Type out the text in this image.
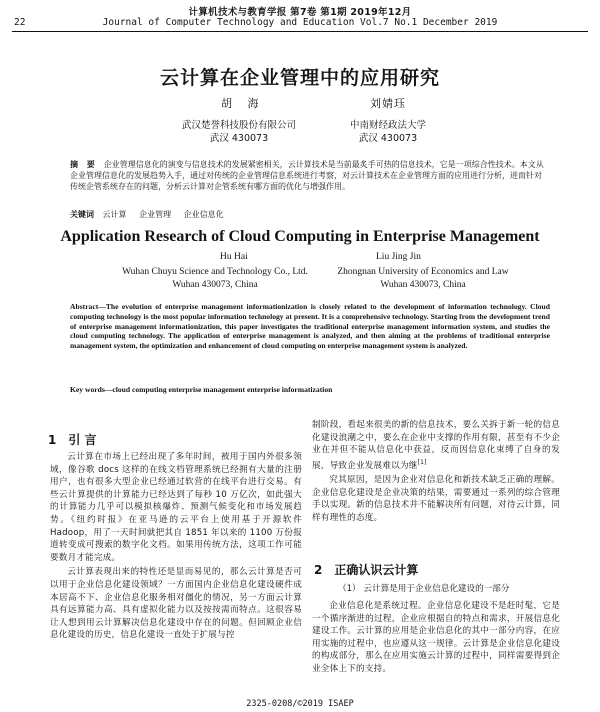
计算机技术与教育学报 第7卷 第1期 2019年12月
22	Journal of Computer Technology and Education Vol.7 No.1 December 2019
云计算在企业管理中的应用研究
胡 海	刘婧珏
武汉楚誉科技股份有限公司
武汉 430073
中南财经政法大学
武汉 430073
摘 要 企业管理信息化的演变与信息技术的发展紧密相关，云计算技术是当前最炙手可热的信息技术，它是一项综合性技术。本文从企业管理信息化的发展趋势入手，通过对传统的企业管理信息系统进行考察，对云计算技术在企业管理方面的应用进行分析，进而针对传统企管系统存在的问题，分析云计算对企管系统有哪方面的优化与增强作用。
关键词 云计算 企业管理 企业信息化
Application Research of Cloud Computing in Enterprise Management
Hu Hai	Liu Jing Jin
Wuhan Chuyu Science and Technology Co., Ltd.
Wuhan 430073, China
Zhongnan University of Economics and Law
Wuhan 430073, China
Abstract—The evolution of enterprise management informationization is closely related to the development of information technology. Cloud computing technology is the most popular information technology at present. It is a comprehensive technology. Starting from the development trend of enterprise management informationization, this paper investigates the traditional enterprise management information system, and studies the cloud computing technology. The application of enterprise management is analyzed, and then aiming at the problems of traditional enterprise management system, the optimization and enhancement of cloud computing on enterprise management system is analyzed.
Key words—cloud computing enterprise management enterprise informatization
1 引 言

云计算在市场上已经出现了多年时间，被用于国内外很多领域，像谷歌 docs 这样的在线文档管理系统已经拥有大量的注册用户，也有很多大型企业已经通过软营的在线平台进行交易。有些云计算提供的计算能力已经达到了每秒 10 万亿次，如此强大的计算能力几乎可以模拟核爆炸、预测气候变化和市场发展趋势。《纽约时报》在亚马逊的云平台上使用基于开源软件 Hadoop，用了一天时间就把其自 1851 年以来的 1100 万份报道转变成可搜索的数字化文档。如果用传统方法，这项工作可能要数月才能完成。

云计算表现出来的特性还是显而易见的，那么云计算是否可以用于企业信息化建设领域？一方面国内企业信息化建设硬件成本居高不下、企业信息化服务相对僵化的情况，另一方面云计算具有远算能力高、具有虚拟化能力以及按按需而特点。这很容易让人想到用云计算解决信息化建设中存在的问题。但回顾企业信息化建设的历史，信息化建设一直处于扩展与控

制阶段，看起来很美的新的信息技术，要么关拆于新一轮的信息化建设浪潮之中，要么在企业中支撑的作用有限，甚至有不少企业在并但不能从信息化中获益，反而因信息化束缚了自身的发展，导致企业发展难以为继[1]

究其原因，是因为企业对信息化和新技术缺乏正确的理解。企业信息化建设是企业决策的结果，需要通过一系列的综合管理手以实现。新的信息技术并不能解决所有问题，对待云计算，同样有理性的态度。

2 正确认识云计算
（1） 云计算是用于企业信息化建设的一部分

企业信息化是系统过程。企业信息化建设不是赶时髦，它是一个循序渐进的过程，企业应根据自的特点和需求，开展信息化建设工作。云计算的应用是企业信息化的其中一部分内容，在应用实施的过程中，也应遵从这一规律。云计算是企业信息化建设的构成部分，那么在应用实施云计算的过程中，同样需要得到企业全体上下的支持。

2325-0208/©2019 ISAEP
